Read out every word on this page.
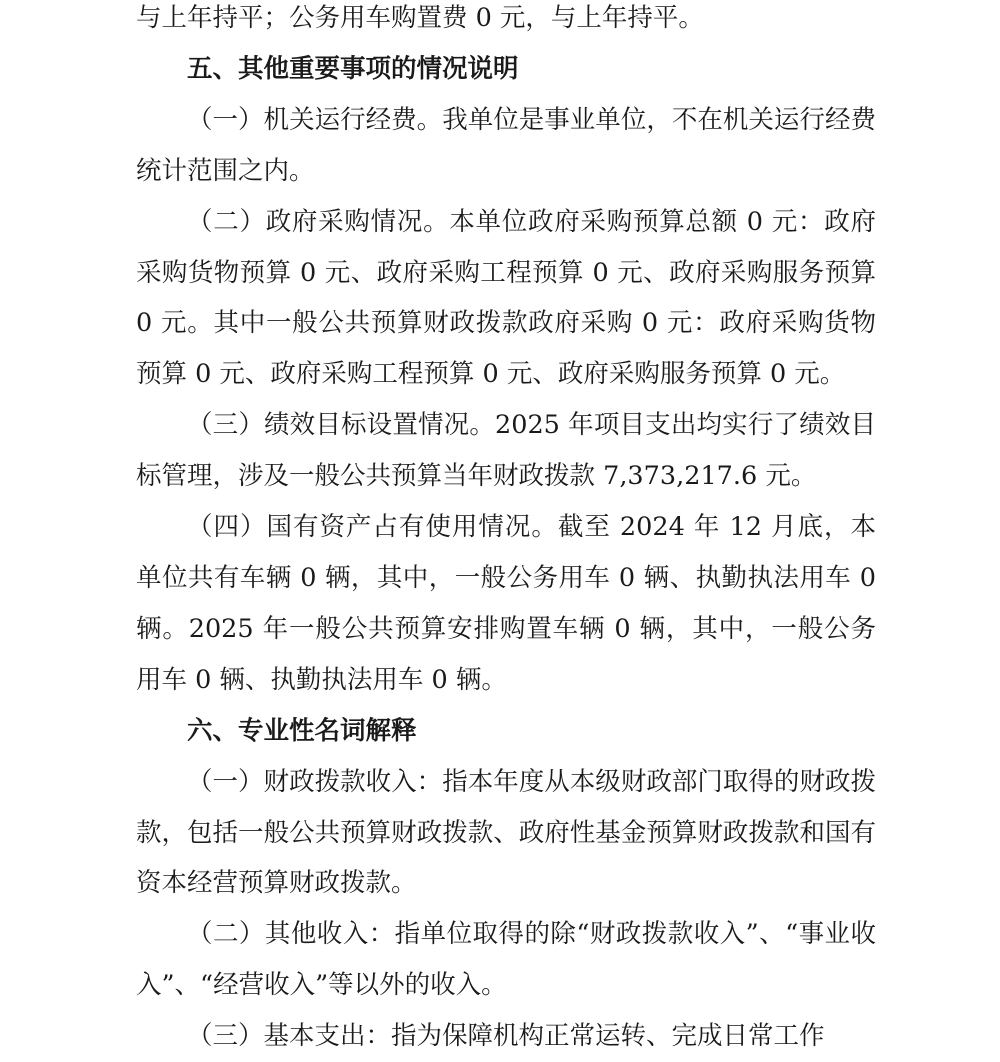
与上年持平；公务用车购置费 0 元，与上年持平。

五、其他重要事项的情况说明

（一）机关运行经费。我单位是事业单位，不在机关运行经费统计范围之内。

（二）政府采购情况。本单位政府采购预算总额 0 元：政府采购货物预算 0 元、政府采购工程预算 0 元、政府采购服务预算 0 元。其中一般公共预算财政拨款政府采购 0 元：政府采购货物预算 0 元、政府采购工程预算 0 元、政府采购服务预算 0 元。

（三）绩效目标设置情况。2025 年项目支出均实行了绩效目标管理，涉及一般公共预算当年财政拨款 7,373,217.6 元。

（四）国有资产占有使用情况。截至 2024 年 12 月底，本单位共有车辆 0 辆，其中，一般公务用车 0 辆、执勤执法用车 0 辆。2025 年一般公共预算安排购置车辆 0 辆，其中，一般公务用车 0 辆、执勤执法用车 0 辆。

六、专业性名词解释

（一）财政拨款收入：指本年度从本级财政部门取得的财政拨款，包括一般公共预算财政拨款、政府性基金预算财政拨款和国有资本经营预算财政拨款。

（二）其他收入：指单位取得的除“财政拨款收入”、“事业收入”、“经营收入”等以外的收入。

（三）基本支出：指为保障机构正常运转、完成日常工作
